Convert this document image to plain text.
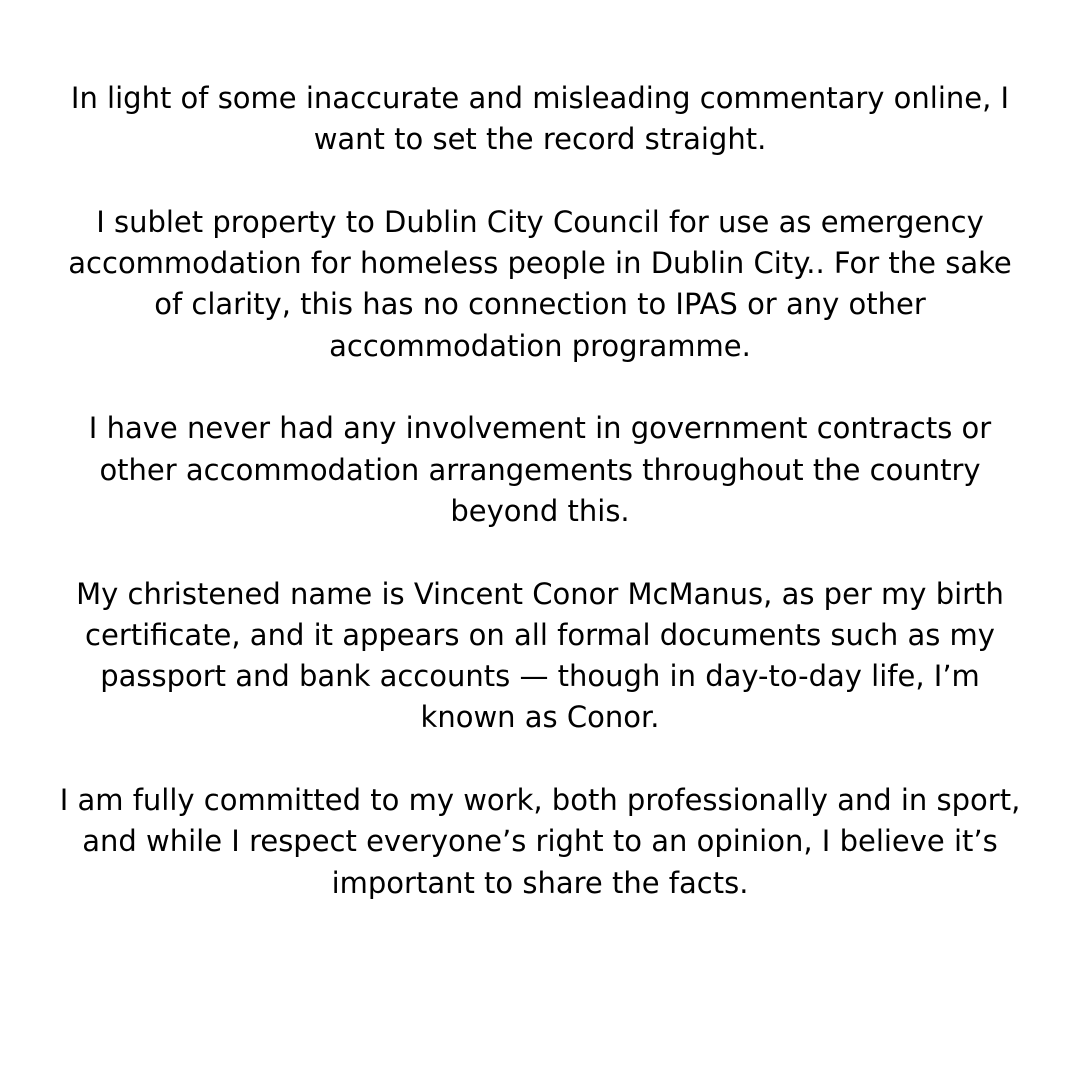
In light of some inaccurate and misleading commentary online, I want to set the record straight.

I sublet property to Dublin City Council for use as emergency accommodation for homeless people in Dublin City.. For the sake of clarity, this has no connection to IPAS or any other accommodation programme.

I have never had any involvement in government contracts or other accommodation arrangements throughout the country beyond this.

My christened name is Vincent Conor McManus, as per my birth certificate, and it appears on all formal documents such as my passport and bank accounts — though in day-to-day life, I’m known as Conor.

I am fully committed to my work, both professionally and in sport, and while I respect everyone’s right to an opinion, I believe it’s important to share the facts.
